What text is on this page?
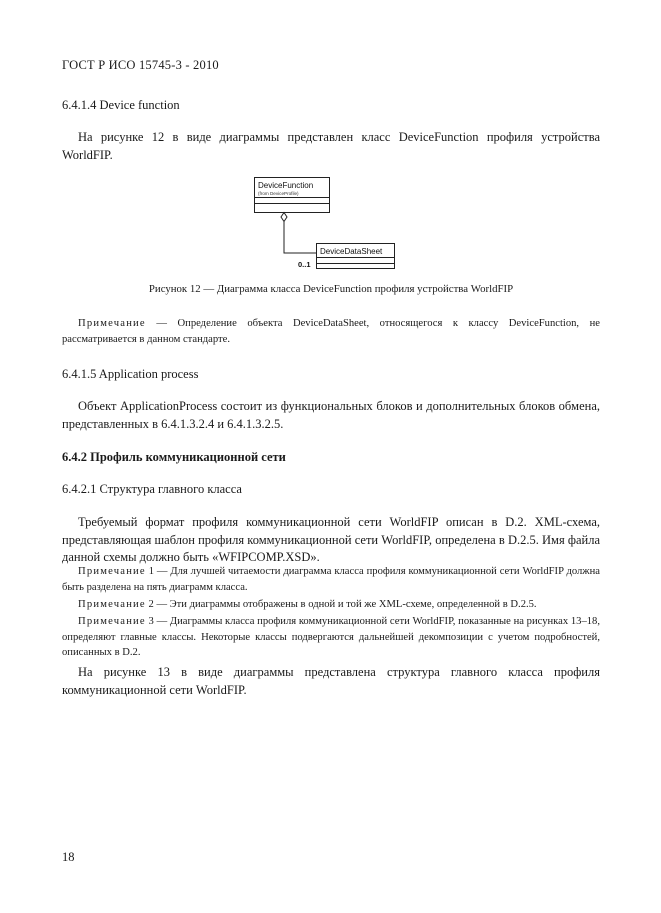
ГОСТ Р ИСО 15745-3 - 2010
6.4.1.4 Device function
На рисунке 12 в виде диаграммы представлен класс DeviceFunction профиля устройства WorldFIP.
DeviceFunction
(from DeviceProfile)
DeviceDataSheet
0..1
Рисунок 12 — Диаграмма класса DeviceFunction профиля устройства WorldFIP
Примечание — Определение объекта DeviceDataSheet, относящегося к классу DeviceFunction, не рассматривается в данном стандарте.
6.4.1.5 Application process
Объект ApplicationProcess состоит из функциональных блоков и дополнительных блоков обмена, представленных в 6.4.1.3.2.4 и 6.4.1.3.2.5.
6.4.2 Профиль коммуникационной сети
6.4.2.1 Структура главного класса
Требуемый формат профиля коммуникационной сети WorldFIP описан в D.2. XML-схема, представляющая шаблон профиля коммуникационной сети WorldFIP, определена в D.2.5. Имя файла данной схемы должно быть «WFIPCOMP.XSD».
Примечание 1 — Для лучшей читаемости диаграмма класса профиля коммуникационной сети WorldFIP должна быть разделена на пять диаграмм класса.
Примечание 2 — Эти диаграммы отображены в одной и той же XML-схеме, определенной в D.2.5.
Примечание 3 — Диаграммы класса профиля коммуникационной сети WorldFIP, показанные на рисунках 13–18, определяют главные классы. Некоторые классы подвергаются дальнейшей декомпозиции с учетом подробностей, описанных в D.2.
На рисунке 13 в виде диаграммы представлена структура главного класса профиля коммуникационной сети WorldFIP.
18
